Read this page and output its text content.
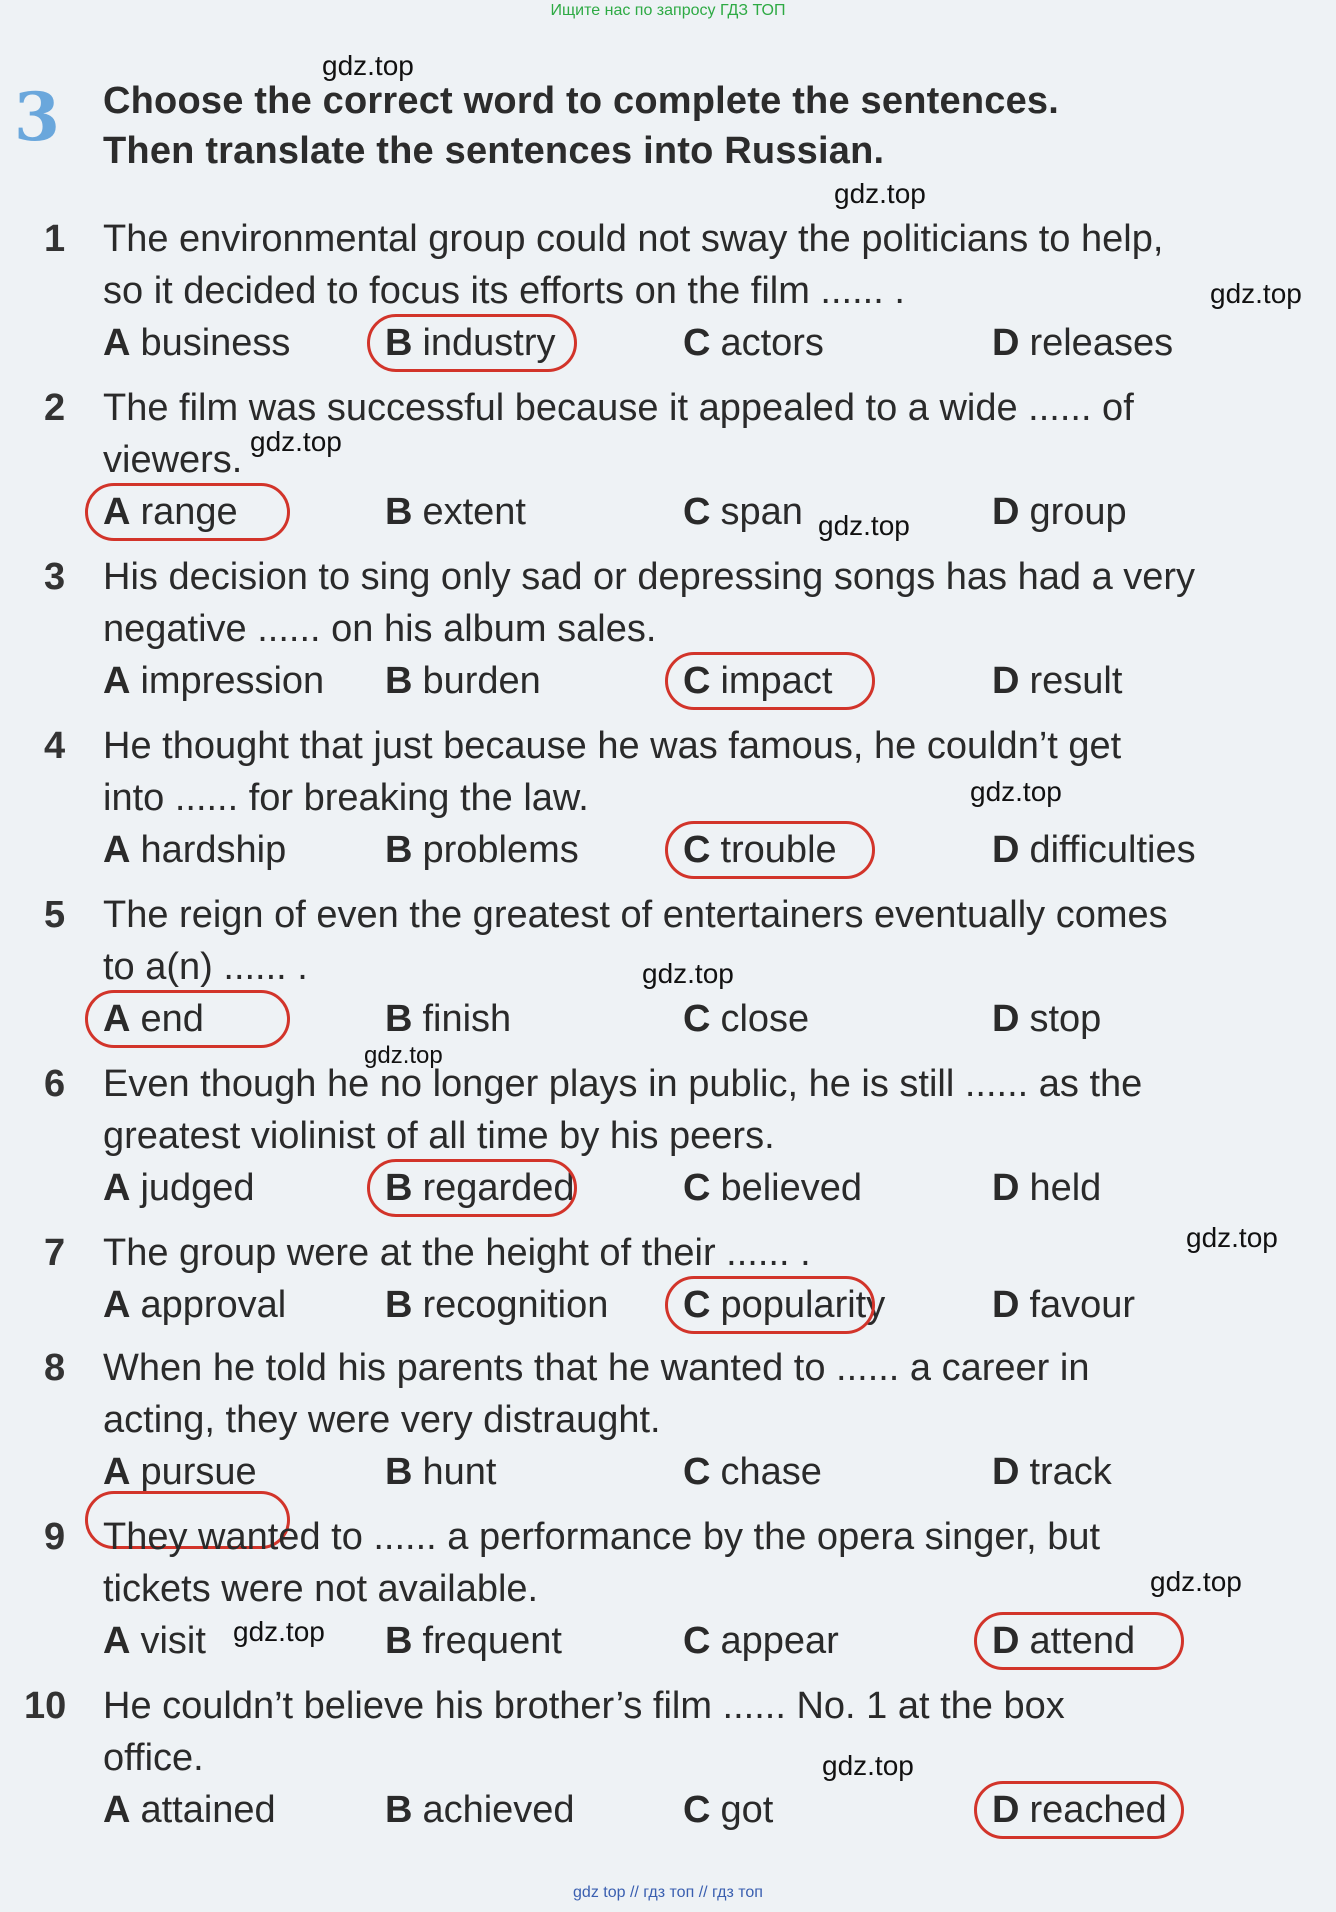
Ищите нас по запросу ГДЗ ТОП
3 Choose the correct word to complete the sentences.
Then translate the sentences into Russian.
1 The environmental group could not sway the politicians to help,
so it decided to focus its efforts on the film ...... .
A business B industry	C actors	D releases
2 The film was successful because it appealed to a wide ...... of
viewers.
A range	B extent	C span	D group
3 His decision to sing only sad or depressing songs has had a very
negative ...... on his album sales.
A impression B burden	C impact	D result
4 He thought that just because he was famous, he couldn’t get
into ...... for breaking the law.
A hardship	B problems	C trouble	D difficulties
5 The reign of even the greatest of entertainers eventually comes
to a(n) ...... .
A end	B finish	C close	D stop
6 Even though he no longer plays in public, he is still ...... as the
greatest violinist of all time by his peers.
A judged	B regarded	C believed	D held
7 The group were at the height of their ...... .
A approval	B recognition C popularity	D favour
8 When he told his parents that he wanted to ...... a career in
acting, they were very distraught.
A pursue	B hunt	C chase	D track
9 They wanted to ...... a performance by the opera singer, but
tickets were not available.
A visit	B frequent	C appear	D attend
10 He couldn’t believe his brother’s film ...... No. 1 at the box
office.
A attained	B achieved	C got	D reached
gdz.top
gdz.top
gdz.top
gdz.top
gdz.top
gdz.top
gdz.top
gdz.top
gdz.top
gdz.top
gdz.top
gdz.top
gdz top // гдз топ // гдз топ
